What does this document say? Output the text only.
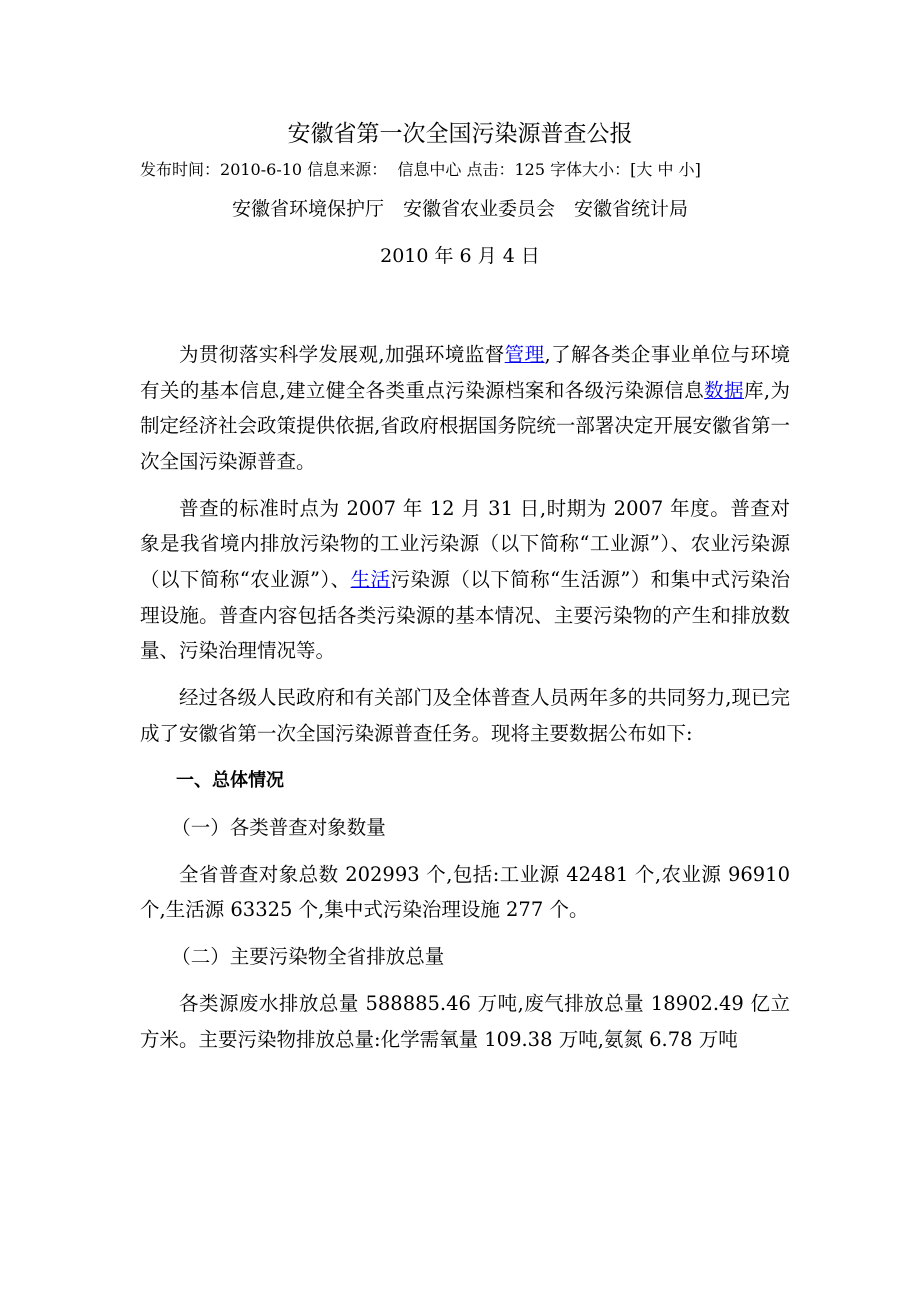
安徽省第一次全国污染源普查公报
发布时间：2010-6-10 信息来源： 信息中心 点击：125 字体大小：[大 中 小]
安徽省环境保护厅　安徽省农业委员会　安徽省统计局
2010 年 6 月 4 日

为贯彻落实科学发展观,加强环境监督管理,了解各类企事业单位与环境有关的基本信息,建立健全各类重点污染源档案和各级污染源信息数据库,为制定经济社会政策提供依据,省政府根据国务院统一部署决定开展安徽省第一次全国污染源普查。

普查的标准时点为 2007 年 12 月 31 日,时期为 2007 年度。普查对象是我省境内排放污染物的工业污染源（以下简称“工业源”）、农业污染源（以下简称“农业源”）、生活污染源（以下简称“生活源”）和集中式污染治理设施。普查内容包括各类污染源的基本情况、主要污染物的产生和排放数量、污染治理情况等。

经过各级人民政府和有关部门及全体普查人员两年多的共同努力,现已完成了安徽省第一次全国污染源普查任务。现将主要数据公布如下:

一、总体情况

（一）各类普查对象数量

全省普查对象总数 202993 个,包括:工业源 42481 个,农业源 96910 个,生活源 63325 个,集中式污染治理设施 277 个。

（二）主要污染物全省排放总量

各类源废水排放总量 588885.46 万吨,废气排放总量 18902.49 亿立方米。主要污染物排放总量:化学需氧量 109.38 万吨,氨氮 6.78 万吨
